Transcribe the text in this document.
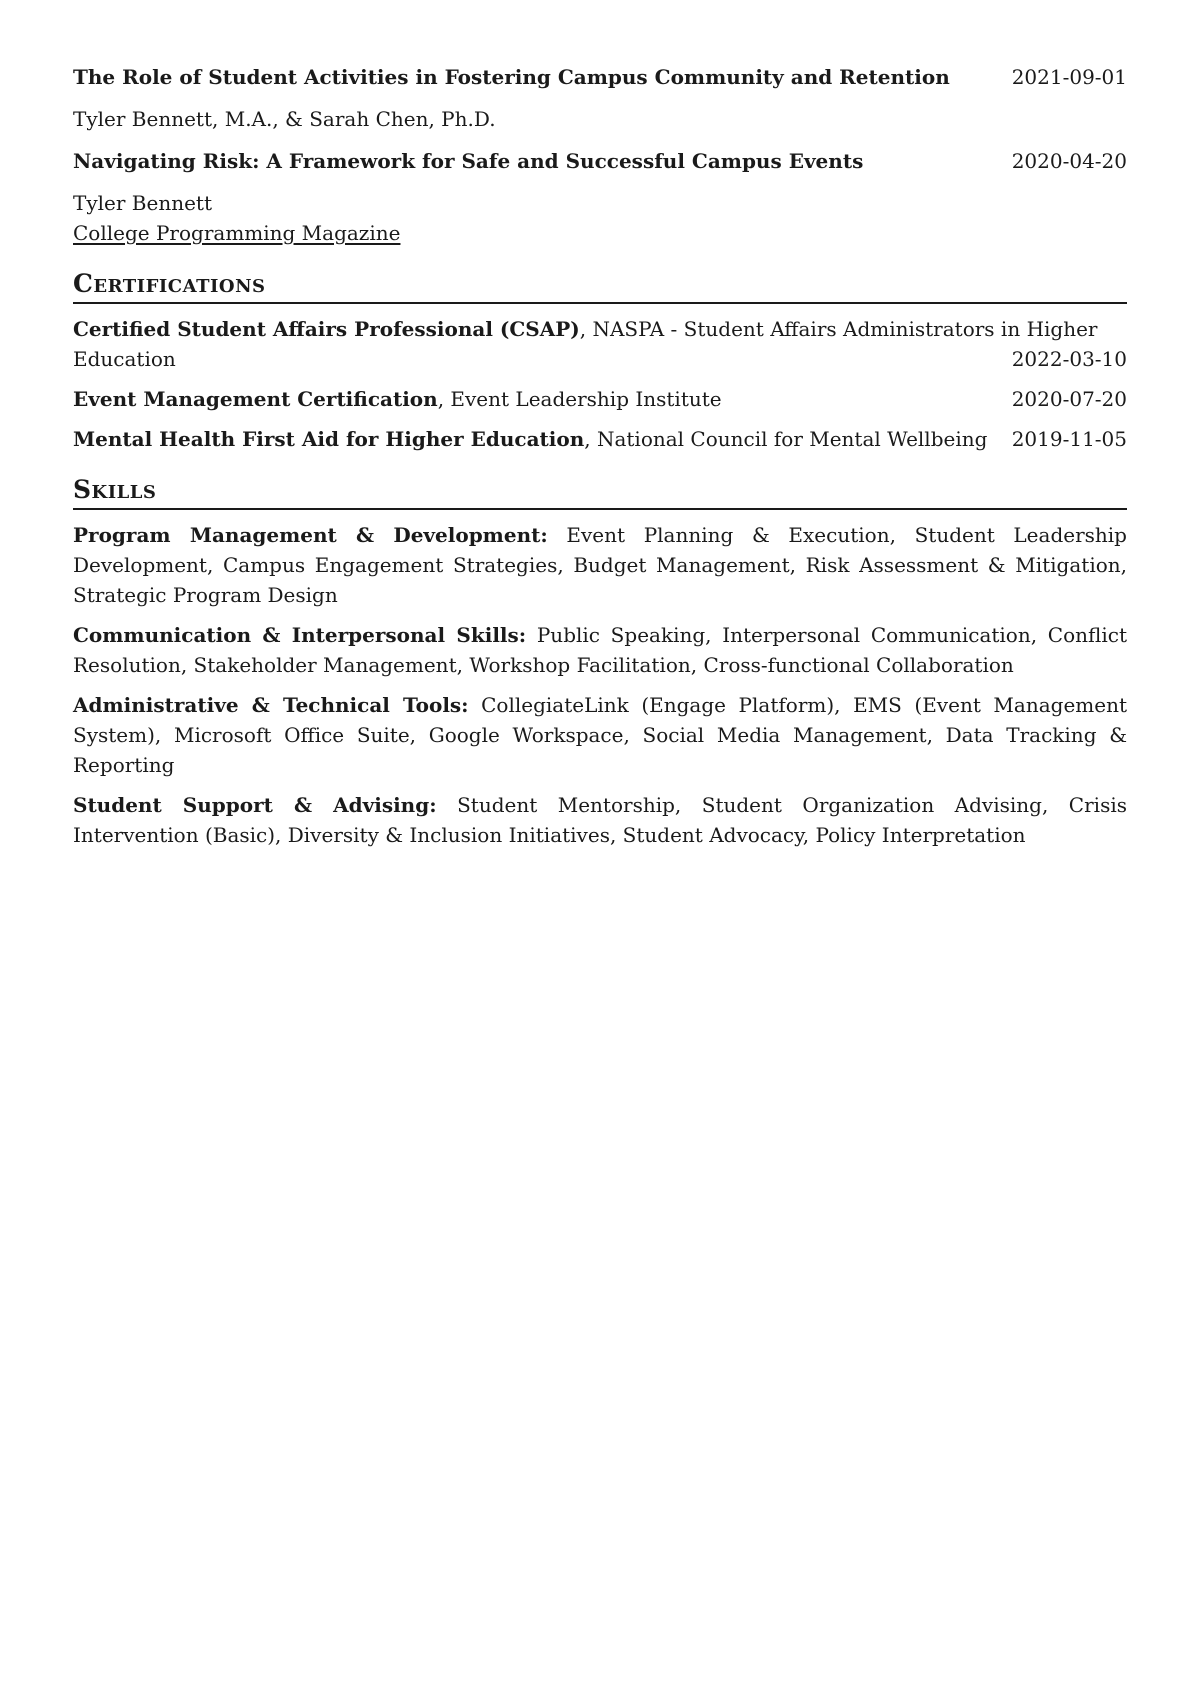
The Role of Student Activities in Fostering Campus Community and Retention	2021-09-01
Tyler Bennett, M.A., & Sarah Chen, Ph.D.
Navigating Risk: A Framework for Safe and Successful Campus Events	2020-04-20
Tyler Bennett
College Programming Magazine
Certifications
Certified Student Affairs Professional (CSAP), NASPA - Student Affairs Administrators in Higher Education	2022-03-10
Event Management Certification, Event Leadership Institute	2020-07-20
Mental Health First Aid for Higher Education, National Council for Mental Wellbeing 2019-11-05
Skills
Program Management & Development: Event Planning & Execution, Student Leadership Development, Campus Engagement Strategies, Budget Management, Risk Assessment & Mitigation, Strategic Program Design
Communication & Interpersonal Skills: Public Speaking, Interpersonal Communication, Conflict Resolution, Stakeholder Management, Workshop Facilitation, Cross-functional Collaboration
Administrative & Technical Tools: CollegiateLink (Engage Platform), EMS (Event Management System), Microsoft Office Suite, Google Workspace, Social Media Management, Data Tracking & Reporting
Student Support & Advising: Student Mentorship, Student Organization Advising, Crisis Intervention (Basic), Diversity & Inclusion Initiatives, Student Advocacy, Policy Interpretation
